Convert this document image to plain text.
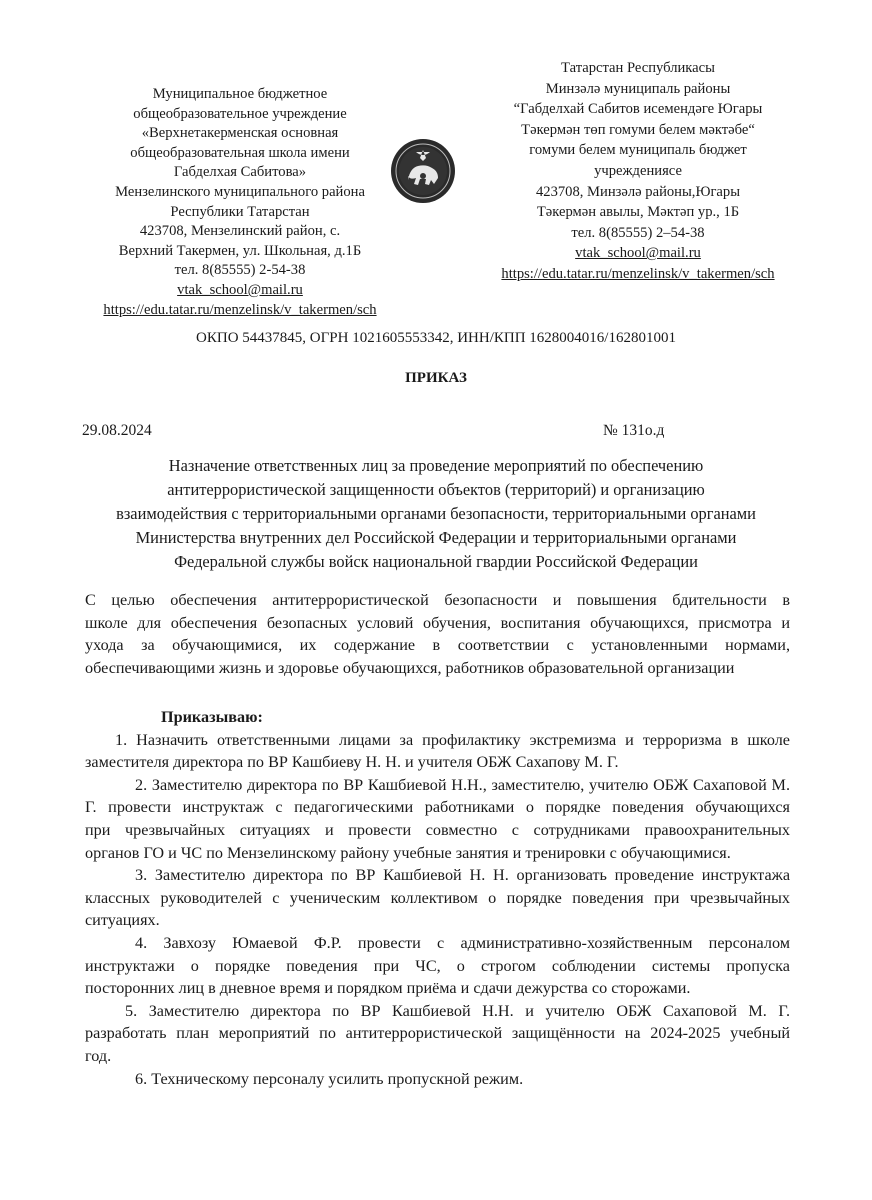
Муниципальное бюджетное
общеобразовательное учреждение
«Верхнетакерменская основная
общеобразовательная школа имени
Габделхая Сабитова»
Мензелинского муниципального района
Республики Татарстан
423708, Мензелинский район, с.
Верхний Такермен, ул. Школьная, д.1Б
тел. 8(85555) 2-54-38
vtak_school@mail.ru
https://edu.tatar.ru/menzelinsk/v_takermen/sch
Татарстан Республикасы
Минзәлә муниципаль районы
“Габделхай Сабитов исемендәге Югары
Тәкермән төп гомуми белем мәктәбе“
гомуми белем муниципаль бюджет
учреждениясе
423708, Минзәлә районы,Югары
Тәкермән авылы, Мәктәп ур., 1Б
тел. 8(85555) 2–54-38
vtak_school@mail.ru
https://edu.tatar.ru/menzelinsk/v_takermen/sch
ОКПО 54437845, ОГРН 1021605553342, ИНН/КПП 1628004016/162801001
ПРИКАЗ
29.08.2024	№ 131о.д
Назначение ответственных лиц за проведение мероприятий по обеспечению
антитеррористической защищенности объектов (территорий) и организацию
взаимодействия с территориальными органами безопасности, территориальными органами
Министерства внутренних дел Российской Федерации и территориальными органами
Федеральной службы войск национальной гвардии Российской Федерации
С целью обеспечения антитеррористической безопасности и повышения бдительности в
школе для обеспечения безопасных условий обучения, воспитания обучающихся, присмотра и
ухода за обучающимися, их содержание в соответствии с установленными нормами,
обеспечивающими жизнь и здоровье обучающихся, работников образовательной организации
Приказываю:
1. Назначить ответственными лицами за профилактику экстремизма и терроризма в школе
заместителя директора по ВР Кашбиеву Н. Н. и учителя ОБЖ Сахапову М. Г.
2. Заместителю директора по ВР Кашбиевой Н.Н., заместителю, учителю ОБЖ Сахаповой М.
Г. провести инструктаж с педагогическими работниками о порядке поведения обучающихся
при чрезвычайных ситуациях и провести совместно с сотрудниками правоохранительных
органов ГО и ЧС по Мензелинскому району учебные занятия и тренировки с обучающимися.
3. Заместителю директора по ВР Кашбиевой Н. Н. организовать проведение инструктажа
классных руководителей с ученическим коллективом о порядке поведения при чрезвычайных
ситуациях.
4. Завхозу Юмаевой Ф.Р. провести с административно-хозяйственным персоналом
инструктажи о порядке поведения при ЧС, о строгом соблюдении системы пропуска
посторонних лиц в дневное время и порядком приёма и сдачи дежурства со сторожами.
5. Заместителю директора по ВР Кашбиевой Н.Н. и учителю ОБЖ Сахаповой М. Г.
разработать план мероприятий по антитеррористической защищённости на 2024-2025 учебный
год.
6. Техническому персоналу усилить пропускной режим.
